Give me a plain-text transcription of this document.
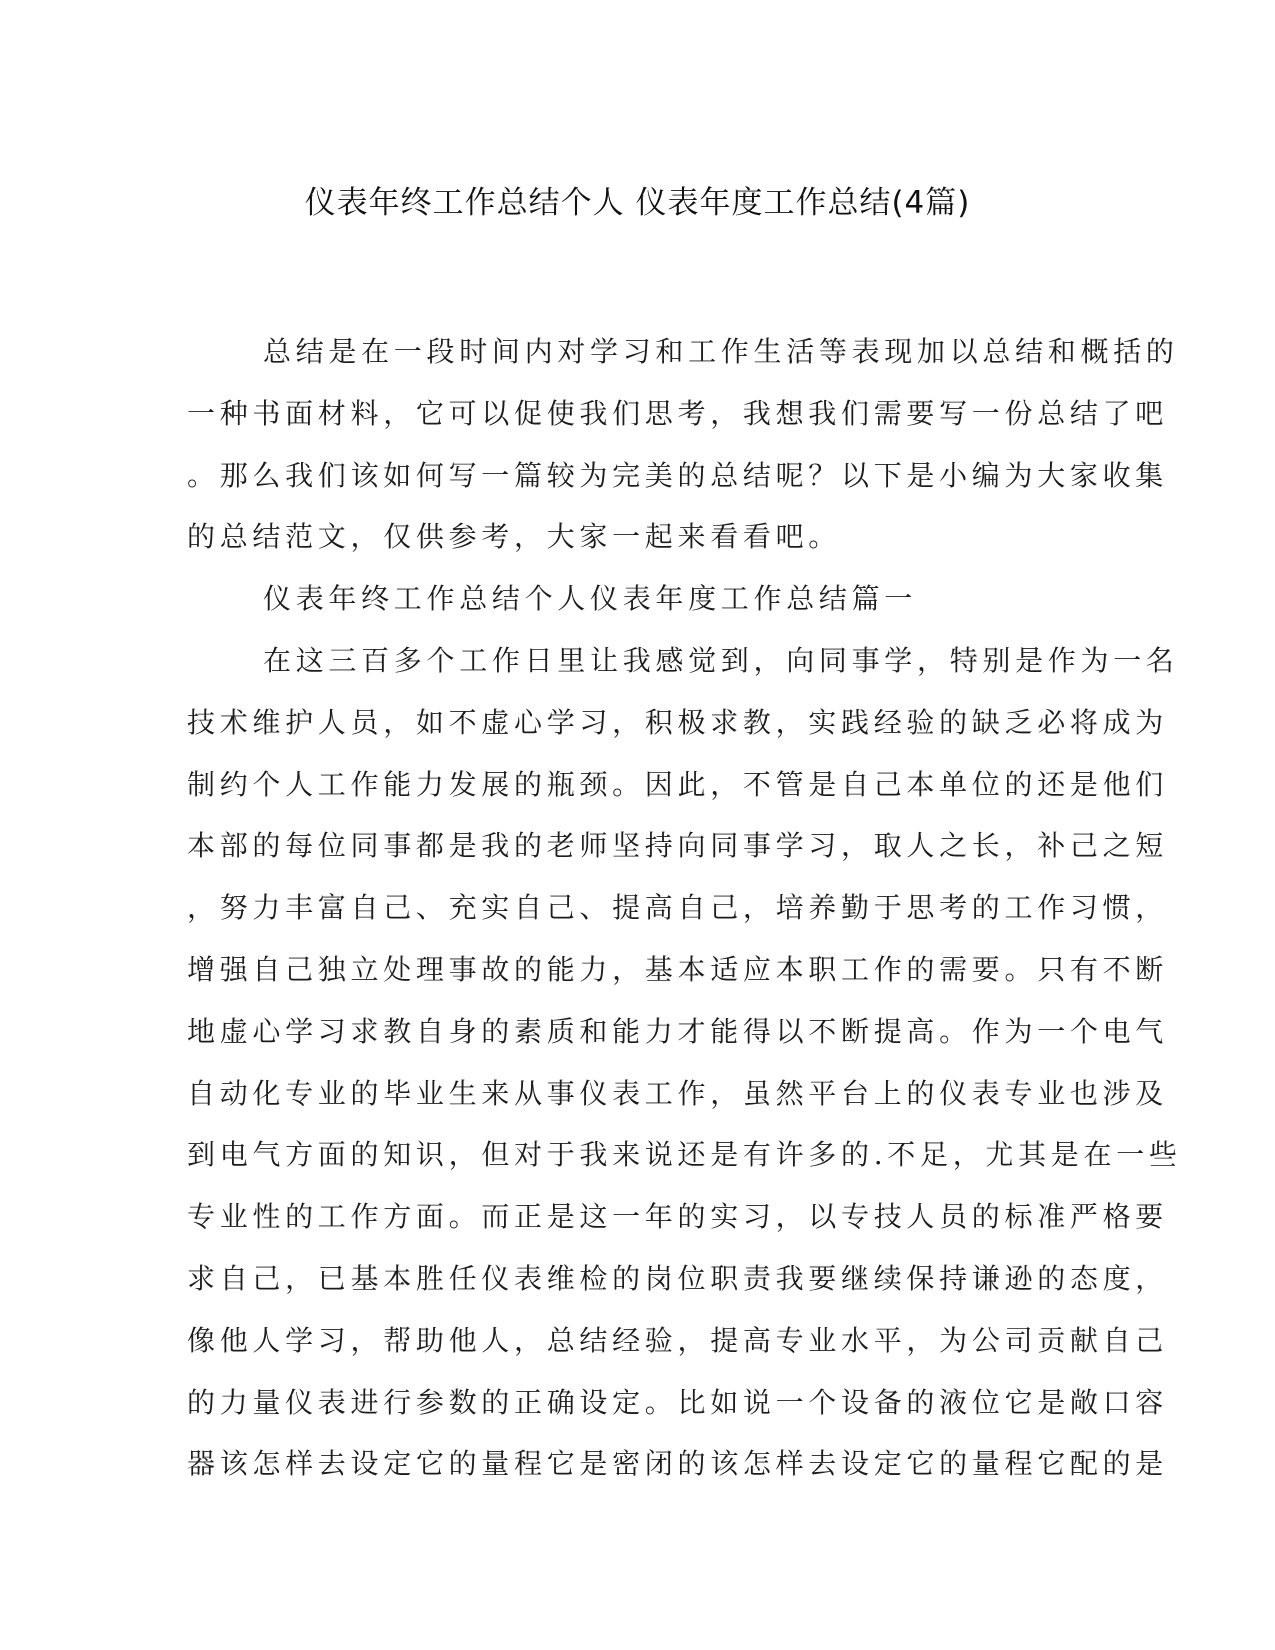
仪表年终工作总结个人 仪表年度工作总结(4篇)
总结是在一段时间内对学习和工作生活等表现加以总结和概括的
一种书面材料，它可以促使我们思考，我想我们需要写一份总结了吧
。那么我们该如何写一篇较为完美的总结呢？以下是小编为大家收集
的总结范文，仅供参考，大家一起来看看吧。
仪表年终工作总结个人仪表年度工作总结篇一
在这三百多个工作日里让我感觉到，向同事学，特别是作为一名
技术维护人员，如不虚心学习，积极求教，实践经验的缺乏必将成为
制约个人工作能力发展的瓶颈。因此，不管是自己本单位的还是他们
本部的每位同事都是我的老师坚持向同事学习，取人之长，补己之短
，努力丰富自己、充实自己、提高自己，培养勤于思考的工作习惯，
增强自己独立处理事故的能力，基本适应本职工作的需要。只有不断
地虚心学习求教自身的素质和能力才能得以不断提高。作为一个电气
自动化专业的毕业生来从事仪表工作，虽然平台上的仪表专业也涉及
到电气方面的知识，但对于我来说还是有许多的.不足，尤其是在一些
专业性的工作方面。而正是这一年的实习，以专技人员的标准严格要
求自己，已基本胜任仪表维检的岗位职责我要继续保持谦逊的态度，
像他人学习，帮助他人，总结经验，提高专业水平，为公司贡献自己
的力量仪表进行参数的正确设定。比如说一个设备的液位它是敞口容
器该怎样去设定它的量程它是密闭的该怎样去设定它的量程它配的是
